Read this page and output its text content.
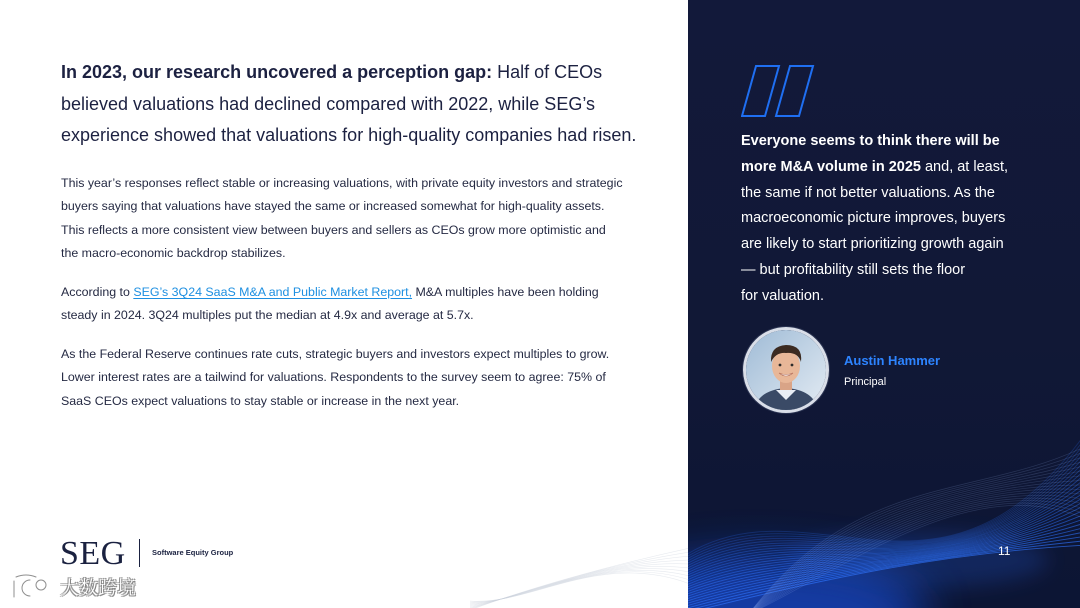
In 2023, our research uncovered a perception gap: Half of CEOs
believed valuations had declined compared with 2022, while SEG’s
experience showed that valuations for high-quality companies had risen.
This year’s responses reflect stable or increasing valuations, with private equity investors and strategic
buyers saying that valuations have stayed the same or increased somewhat for high-quality assets.
This reflects a more consistent view between buyers and sellers as CEOs grow more optimistic and
the macro-economic backdrop stabilizes.
According to SEG’s 3Q24 SaaS M&A and Public Market Report, M&A multiples have been holding
steady in 2024. 3Q24 multiples put the median at 4.9x and average at 5.7x.
As the Federal Reserve continues rate cuts, strategic buyers and investors expect multiples to grow.
Lower interest rates are a tailwind for valuations. Respondents to the survey seem to agree: 75% of
SaaS CEOs expect valuations to stay stable or increase in the next year.
SEG	Software Equity Group
大数跨境
Everyone seems to think there will be
more M&A volume in 2025 and, at least,
the same if not better valuations. As the
macroeconomic picture improves, buyers
are likely to start prioritizing growth again
— but profitability still sets the floor
for valuation.
Austin Hammer
Principal
11
